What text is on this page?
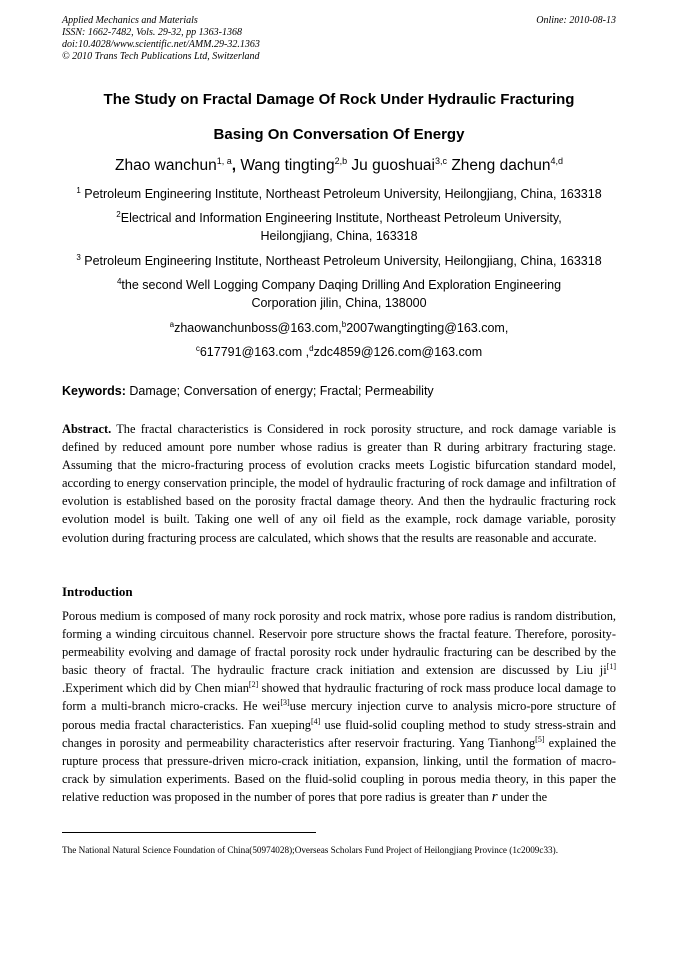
Applied Mechanics and Materials
ISSN: 1662-7482, Vols. 29-32, pp 1363-1368
doi:10.4028/www.scientific.net/AMM.29-32.1363
© 2010 Trans Tech Publications Ltd, Switzerland
Online: 2010-08-13
The Study on Fractal Damage Of Rock Under Hydraulic Fracturing
Basing On Conversation Of Energy
Zhao wanchun$^{1, a}$, Wang tingting$^{2,b}$ Ju guoshuai$^{3,c}$ Zheng dachun$^{4,d}$
$^1$ Petroleum Engineering Institute, Northeast Petroleum University, Heilongjiang, China, 163318
$^2$Electrical and Information Engineering Institute, Northeast Petroleum University,
Heilongjiang, China, 163318
$^3$ Petroleum Engineering Institute, Northeast Petroleum University, Heilongjiang, China, 163318
$^4$the second Well Logging Company Daqing Drilling And Exploration Engineering
Corporation jilin, China, 138000
$^a$zhaowanchunboss@163.com,$^b$2007wangtingting@163.com,
$^c$617791@163.com ,$^d$zdc4859@126.com@163.com
Keywords: Damage; Conversation of energy; Fractal; Permeability
Abstract. The fractal characteristics is Considered in rock porosity structure, and rock damage variable is defined by reduced amount pore number whose radius is greater than R during arbitrary fracturing stage. Assuming that the micro-fracturing process of evolution cracks meets Logistic bifurcation standard model, according to energy conservation principle, the model of hydraulic fracturing of rock damage and infiltration of evolution is established based on the porosity fractal damage theory. And then the hydraulic fracturing rock evolution model is built. Taking one well of any oil field as the example, rock damage variable, porosity evolution during fracturing process are calculated, which shows that the results are reasonable and accurate.
Introduction
Porous medium is composed of many rock porosity and rock matrix, whose pore radius is random distribution, forming a winding circuitous channel. Reservoir pore structure shows the fractal feature. Therefore, porosity-permeability evolving and damage of fractal porosity rock under hydraulic fracturing can be described by the basic theory of fractal. The hydraulic fracture crack initiation and extension are discussed by Liu ji[1] .Experiment which did by Chen mian[2] showed that hydraulic fracturing of rock mass produce local damage to form a multi-branch micro-cracks. He wei[3]use mercury injection curve to analysis micro-pore structure of porous media fractal characteristics. Fan xueping[4] use fluid-solid coupling method to study stress-strain and changes in porosity and permeability characteristics after reservoir fracturing. Yang Tianhong[5] explained the rupture process that pressure-driven micro-crack initiation, expansion, linking, until the formation of macro-crack by simulation experiments. Based on the fluid-solid coupling in porous media theory, in this paper the relative reduction was proposed in the number of pores that pore radius is greater than r under the
The National Natural Science Foundation of China(50974028);Overseas Scholars Fund Project of Heilongjiang Province (1c2009c33).
